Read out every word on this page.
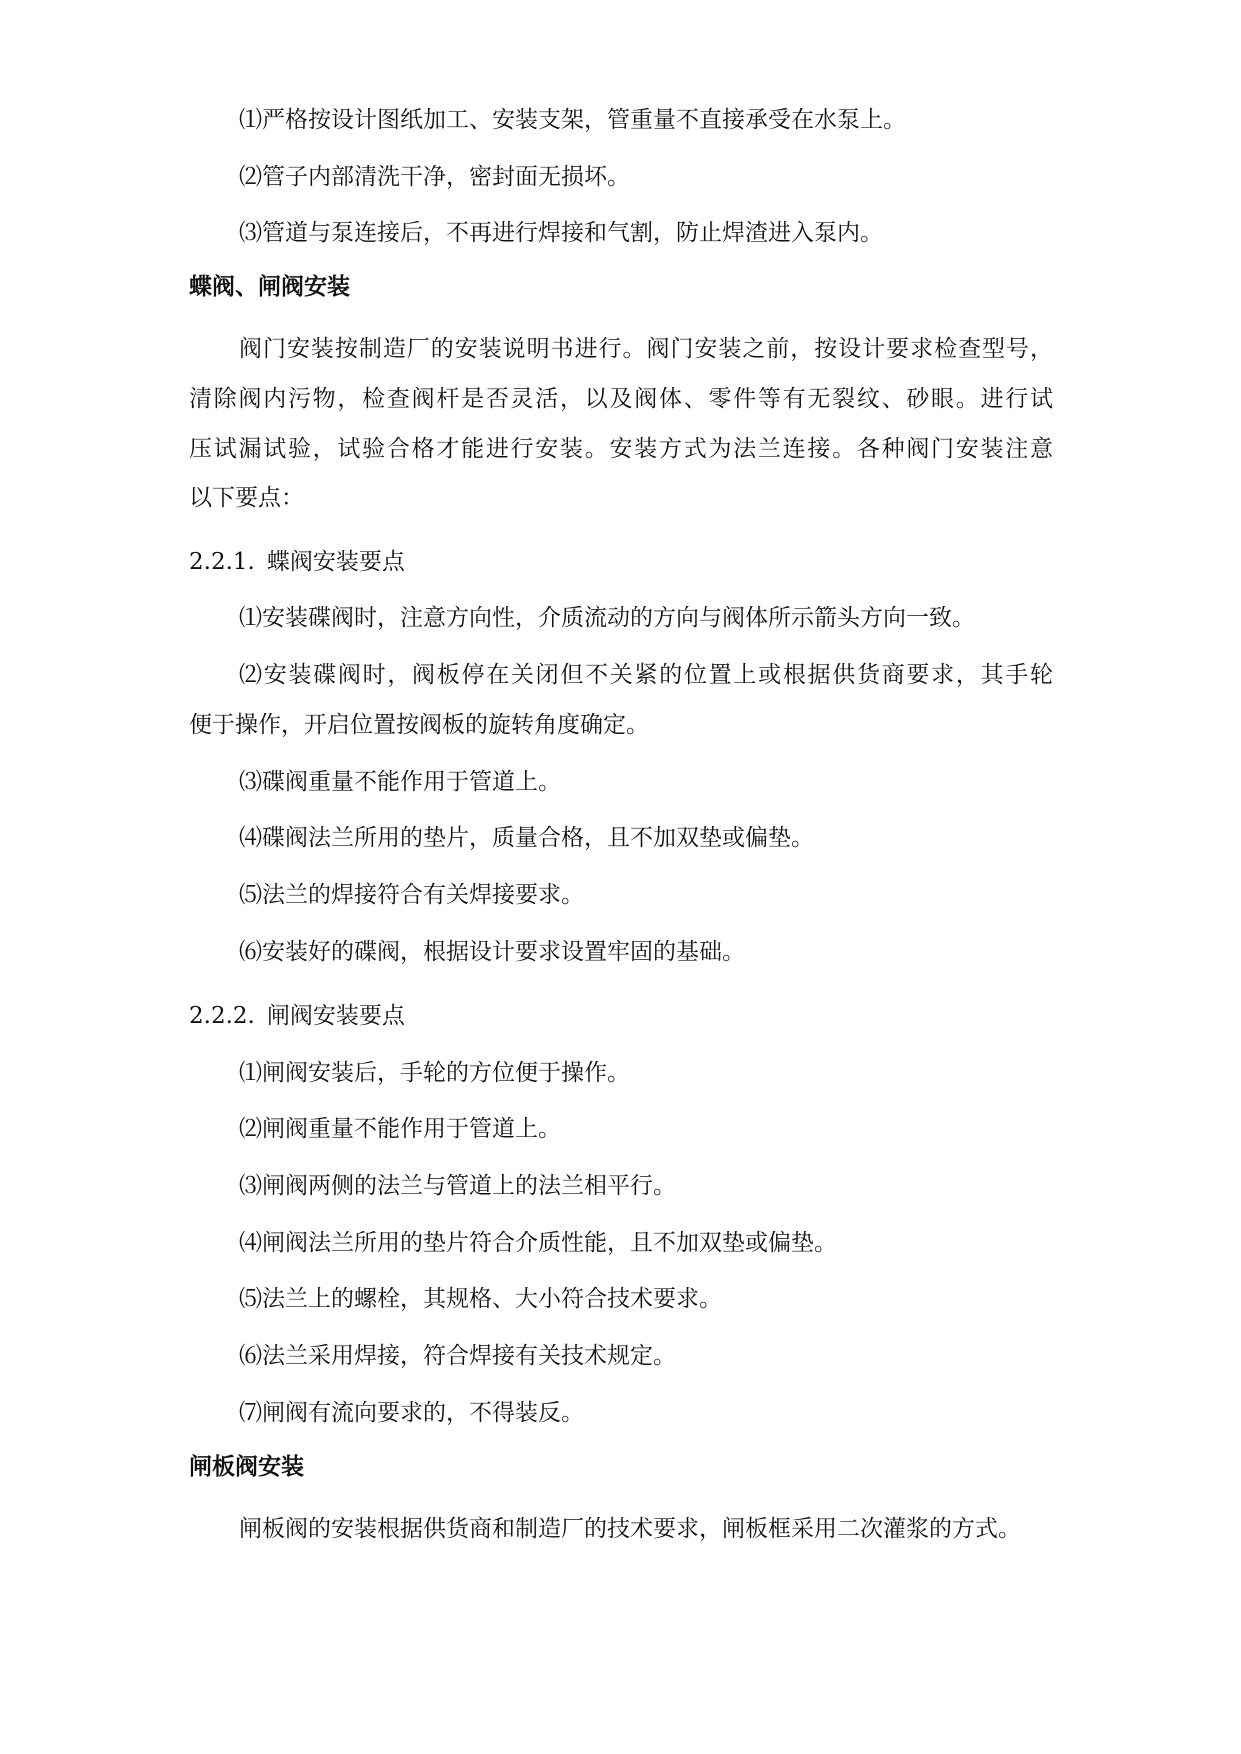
⑴严格按设计图纸加工、安装支架，管重量不直接承受在水泵上。
⑵管子内部清洗干净，密封面无损坏。
⑶管道与泵连接后，不再进行焊接和气割，防止焊渣进入泵内。
蝶阀、闸阀安装
阀门安装按制造厂的安装说明书进行。阀门安装之前，按设计要求检查型号，
清除阀内污物，检查阀杆是否灵活，以及阀体、零件等有无裂纹、砂眼。进行试
压试漏试验，试验合格才能进行安装。安装方式为法兰连接。各种阀门安装注意
以下要点：
2.2.1. 蝶阀安装要点
⑴安装碟阀时，注意方向性，介质流动的方向与阀体所示箭头方向一致。
⑵安装碟阀时，阀板停在关闭但不关紧的位置上或根据供货商要求，其手轮
便于操作，开启位置按阀板的旋转角度确定。
⑶碟阀重量不能作用于管道上。
⑷碟阀法兰所用的垫片，质量合格，且不加双垫或偏垫。
⑸法兰的焊接符合有关焊接要求。
⑹安装好的碟阀，根据设计要求设置牢固的基础。
2.2.2. 闸阀安装要点
⑴闸阀安装后，手轮的方位便于操作。
⑵闸阀重量不能作用于管道上。
⑶闸阀两侧的法兰与管道上的法兰相平行。
⑷闸阀法兰所用的垫片符合介质性能，且不加双垫或偏垫。
⑸法兰上的螺栓，其规格、大小符合技术要求。
⑹法兰采用焊接，符合焊接有关技术规定。
⑺闸阀有流向要求的，不得装反。
闸板阀安装
闸板阀的安装根据供货商和制造厂的技术要求，闸板框采用二次灌浆的方式。
